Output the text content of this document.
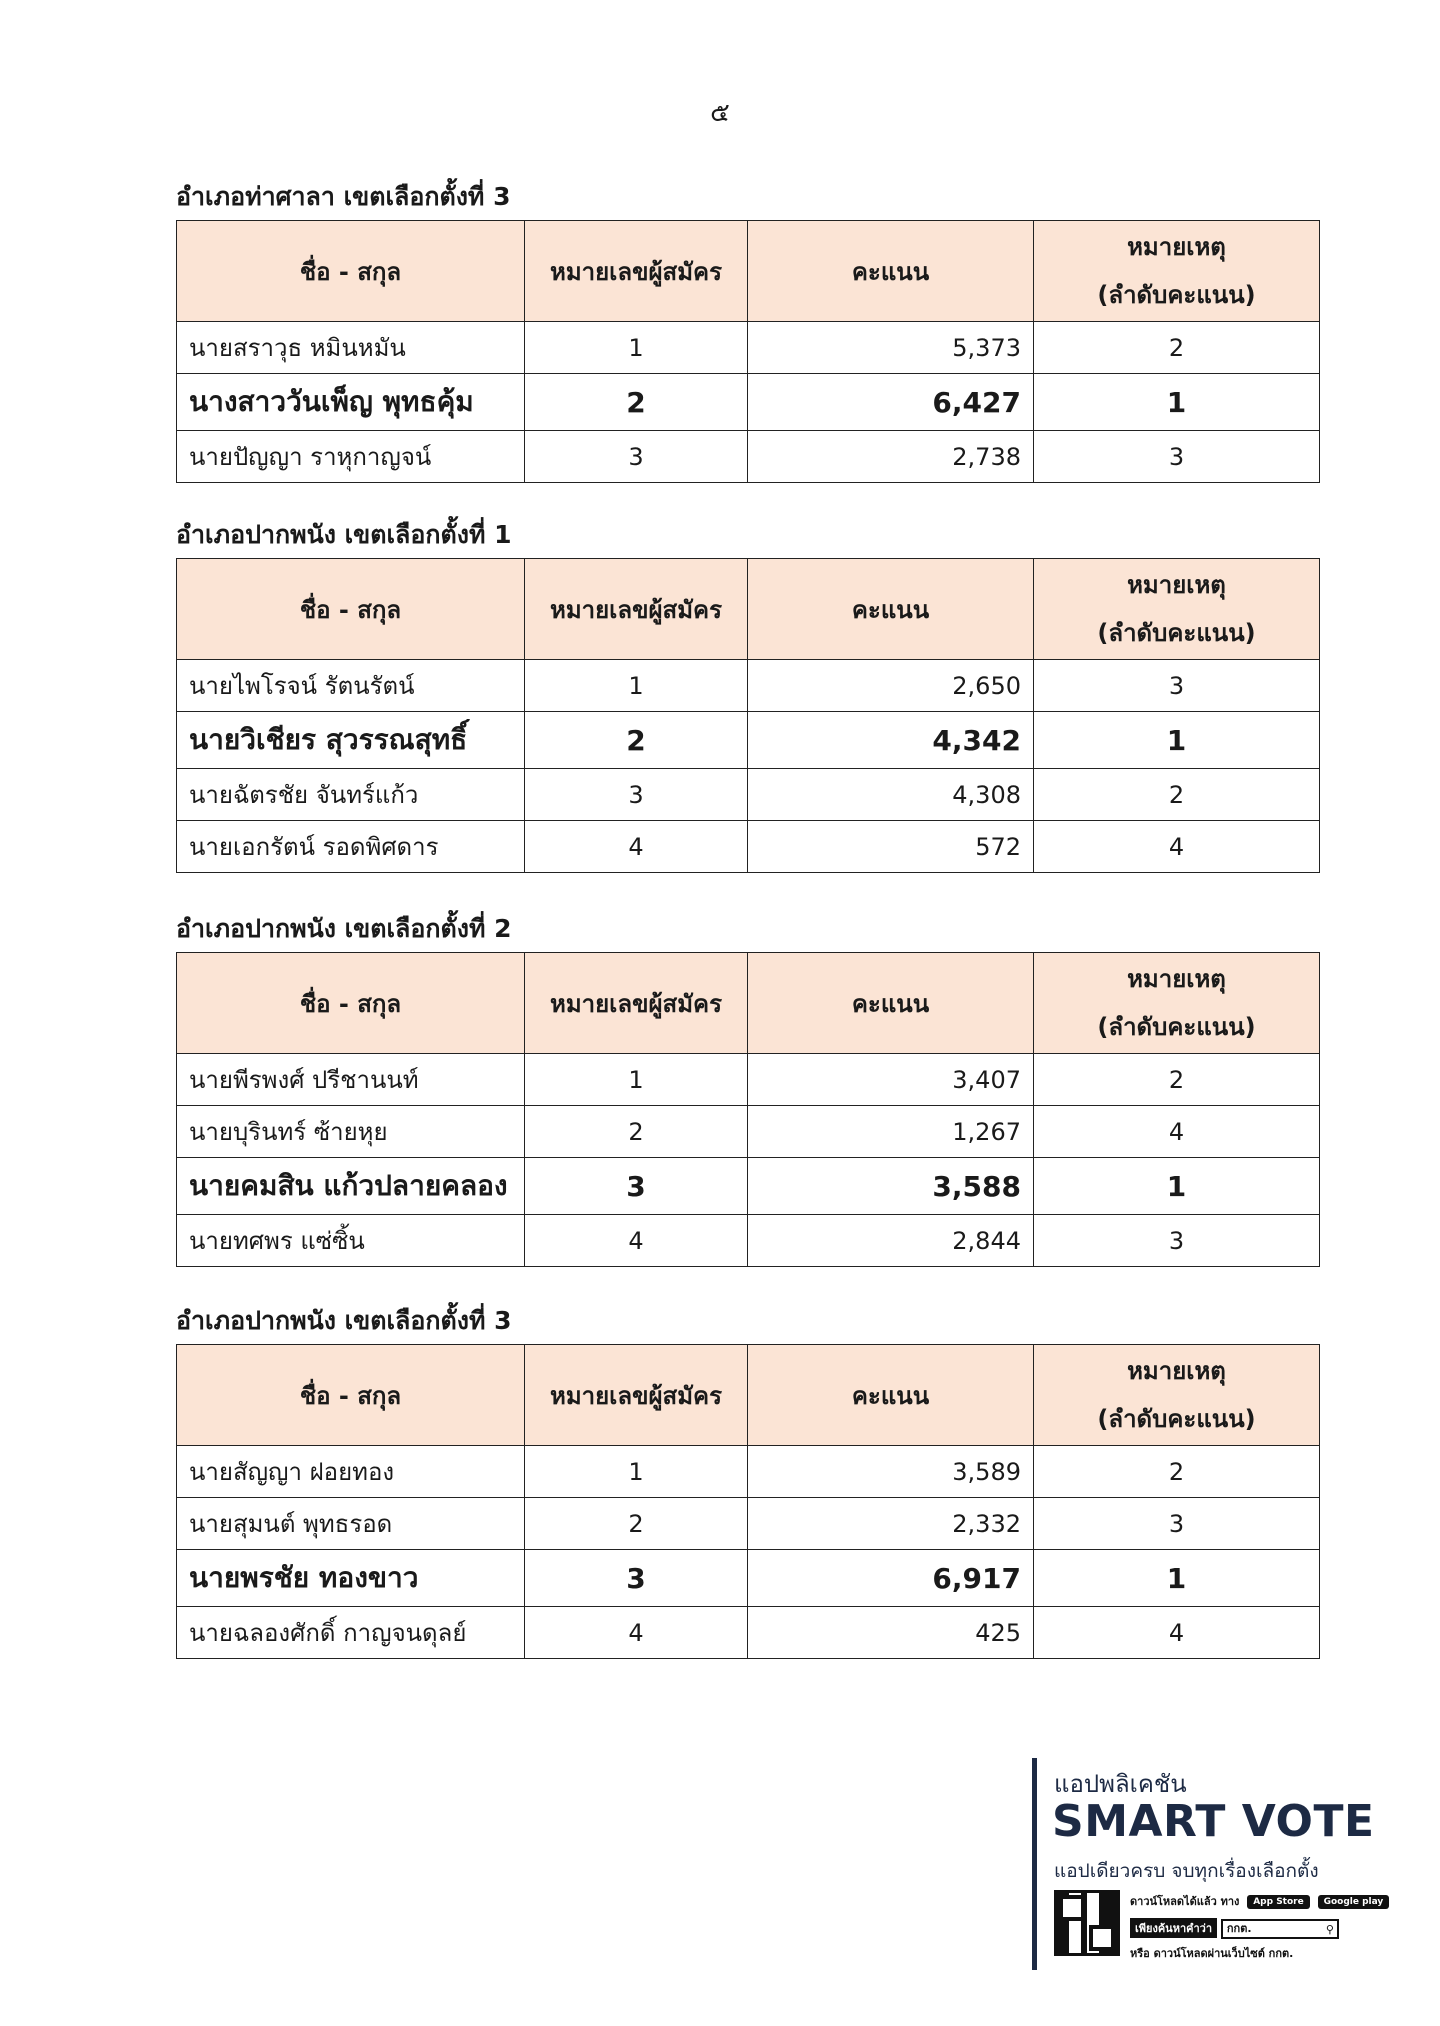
๕
อำเภอท่าศาลา เขตเลือกตั้งที่ 3
ชื่อ - สกุล	หมายเลขผู้สมัคร	คะแนน	หมายเหตุ
(ลำดับคะแนน)

นายสราวุธ หมินหมัน	1	5,373	2
นางสาววันเพ็ญ พุทธคุ้ม	2	6,427	1
นายปัญญา ราหุกาญจน์	3	2,738	3
อำเภอปากพนัง เขตเลือกตั้งที่ 1
ชื่อ - สกุล	หมายเลขผู้สมัคร	คะแนน	หมายเหตุ
(ลำดับคะแนน)

นายไพโรจน์ รัตนรัตน์	1	2,650	3
นายวิเชียร สุวรรณสุทธิ์	2	4,342	1
นายฉัตรชัย จันทร์แก้ว	3	4,308	2
นายเอกรัตน์ รอดพิศดาร	4	572	4
อำเภอปากพนัง เขตเลือกตั้งที่ 2
ชื่อ - สกุล	หมายเลขผู้สมัคร	คะแนน	หมายเหตุ
(ลำดับคะแนน)

นายพีรพงศ์ ปรีชานนท์	1	3,407	2
นายบุรินทร์ ซ้ายหุย	2	1,267	4
นายคมสิน แก้วปลายคลอง	3	3,588	1
นายทศพร แซ่ซิ้น	4	2,844	3
อำเภอปากพนัง เขตเลือกตั้งที่ 3
ชื่อ - สกุล	หมายเลขผู้สมัคร	คะแนน	หมายเหตุ
(ลำดับคะแนน)

นายสัญญา ฝอยทอง	1	3,589	2
นายสุมนต์ พุทธรอด	2	2,332	3
นายพรชัย ทองขาว	3	6,917	1
นายฉลองศักดิ์ กาญจนดุลย์	4	425	4
แอปพลิเคชัน
SMART VOTE
แอปเดียวครบ จบทุกเรื่องเลือกตั้ง
ดาวน์โหลดได้แล้ว ทาง App Store Google play
เพียงค้นหาคำว่า กกต.	⚲
หรือ ดาวน์โหลดผ่านเว็บไซต์ กกต.
